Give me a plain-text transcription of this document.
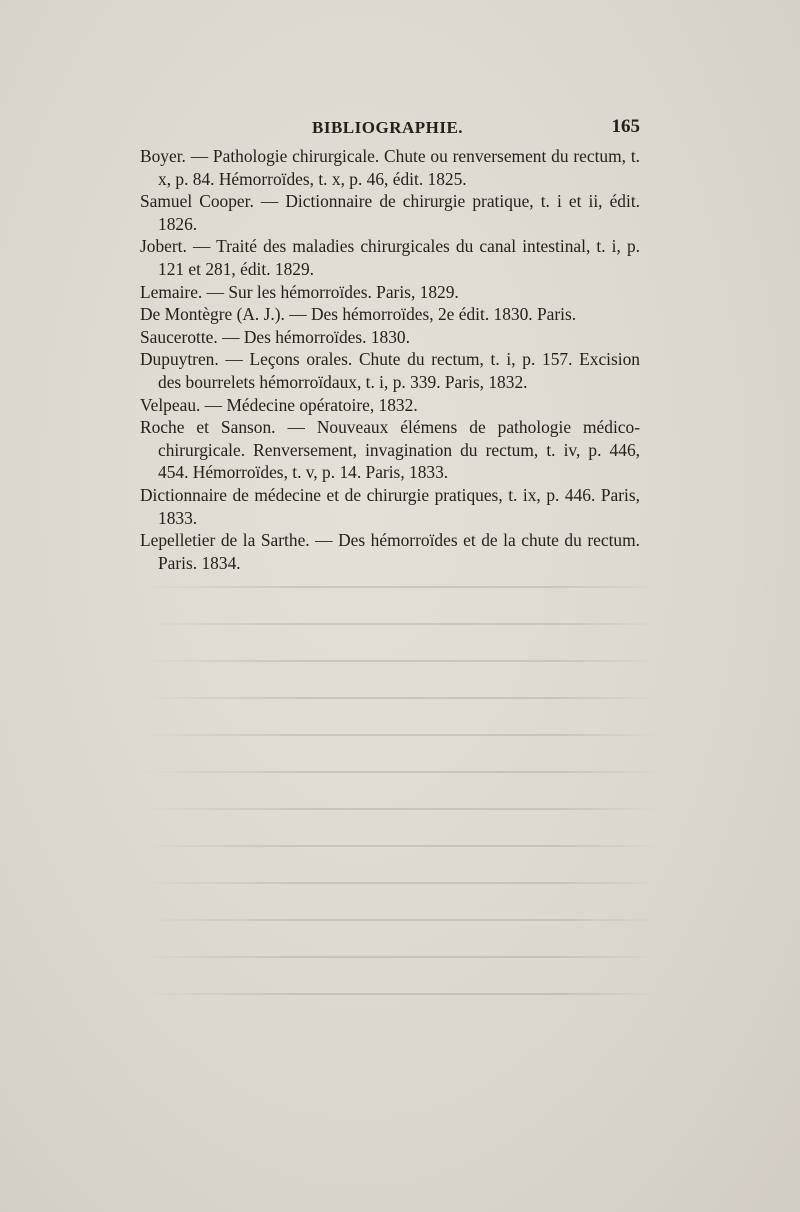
BIBLIOGRAPHIE.	165

Boyer. — Pathologie chirurgicale. Chute ou renversement du rectum, t. x, p. 84. Hémorroïdes, t. x, p. 46, édit. 1825.

Samuel Cooper. — Dictionnaire de chirurgie pratique, t. i et ii, édit. 1826.

Jobert. — Traité des maladies chirurgicales du canal intestinal, t. i, p. 121 et 281, édit. 1829.

Lemaire. — Sur les hémorroïdes. Paris, 1829.

De Montègre (A. J.). — Des hémorroïdes, 2e édit. 1830. Paris.

Saucerotte. — Des hémorroïdes. 1830.

Dupuytren. — Leçons orales. Chute du rectum, t. i, p. 157. Excision des bourrelets hémorroïdaux, t. i, p. 339. Paris, 1832.

Velpeau. — Médecine opératoire, 1832.

Roche et Sanson. — Nouveaux élémens de pathologie médico-chirurgicale. Renversement, invagination du rectum, t. iv, p. 446, 454. Hémorroïdes, t. v, p. 14. Paris, 1833.

Dictionnaire de médecine et de chirurgie pratiques, t. ix, p. 446. Paris, 1833.

Lepelletier de la Sarthe. — Des hémorroïdes et de la chute du rectum. Paris. 1834.
